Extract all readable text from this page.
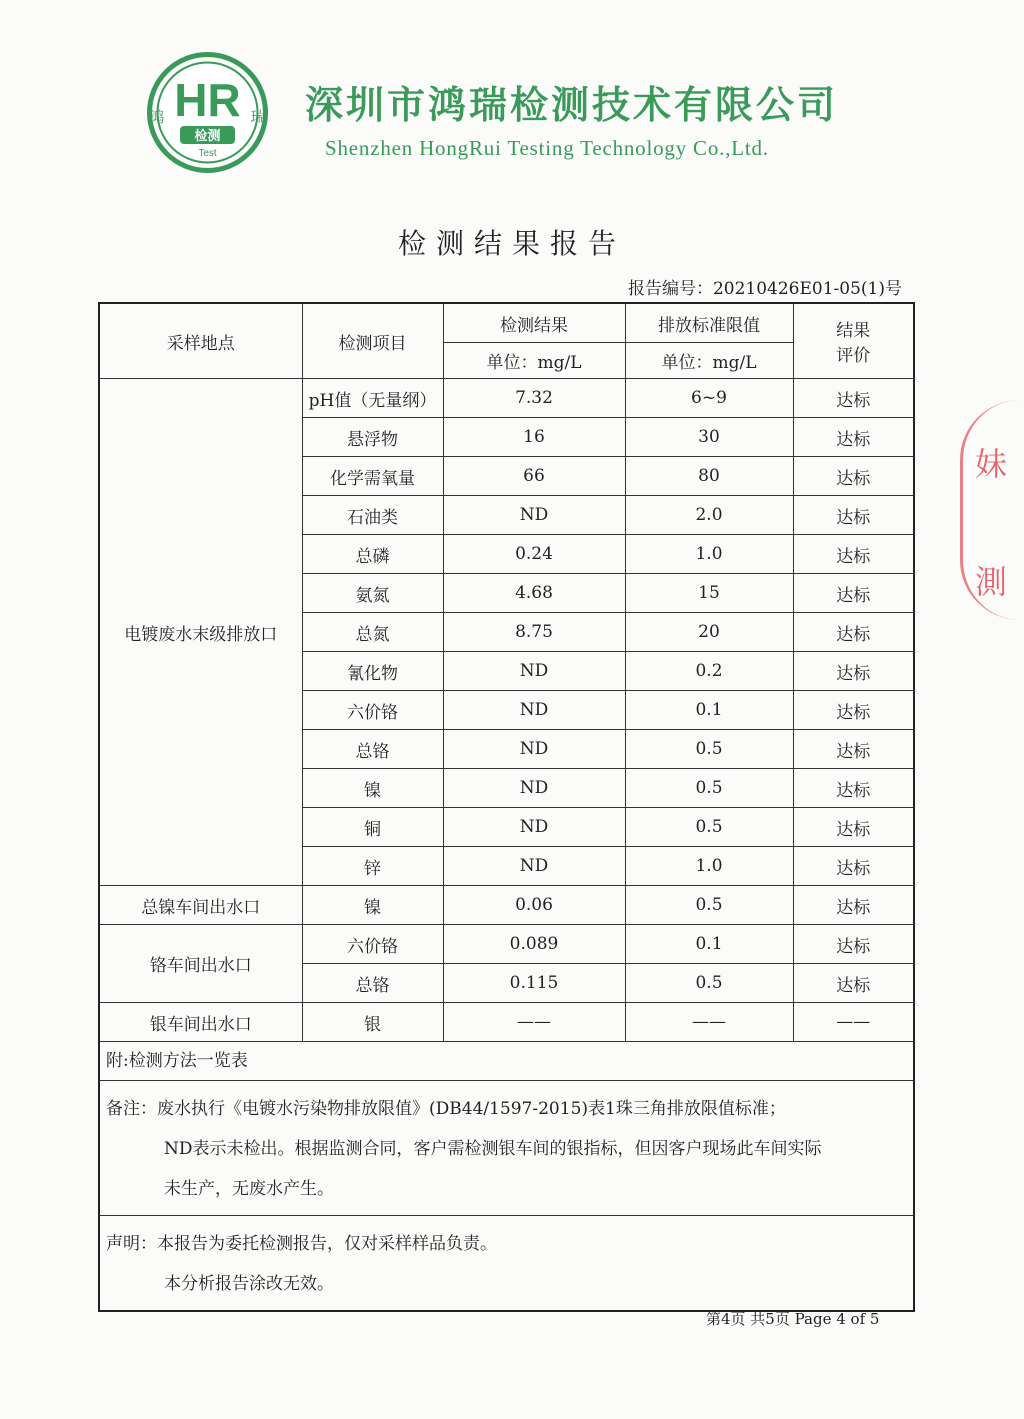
HR
鸿	瑞
检测
Test
深圳市鸿瑞检测技术有限公司
Shenzhen HongRui Testing Technology Co.,Ltd.
检测结果报告
报告编号：20210426E01-05(1)号
采样地点	检测项目	检测结果	排放标准限值	结果
评价

		单位：mg/L	单位：mg/L	
电镀废水末级排放口	pH值（无量纲）	7.32	6~9	达标
	悬浮物	16	30	达标
	化学需氧量	66	80	达标
	石油类	ND	2.0	达标
	总磷	0.24	1.0	达标
	氨氮	4.68	15	达标
	总氮	8.75	20	达标
	氰化物	ND	0.2	达标
	六价铬	ND	0.1	达标
	总铬	ND	0.5	达标
	镍	ND	0.5	达标
	铜	ND	0.5	达标
	锌	ND	1.0	达标
总镍车间出水口	镍	0.06	0.5	达标
铬车间出水口	六价铬	0.089	0.1	达标
	总铬	0.115	0.5	达标
银车间出水口	银	——	——	——
附:检测方法一览表				

备注：废水执行《电镀水污染物排放限值》(DB44/1597-2015)表1珠三角排放限值标准；
ND表示未检出。根据监测合同，客户需检测银车间的银指标，但因客户现场此车间实际
未生产，无废水产生。				

声明：本报告为委托检测报告，仅对采样样品负责。
本分析报告涂改无效。				
妹
測
第4页 共5页 Page 4 of 5
